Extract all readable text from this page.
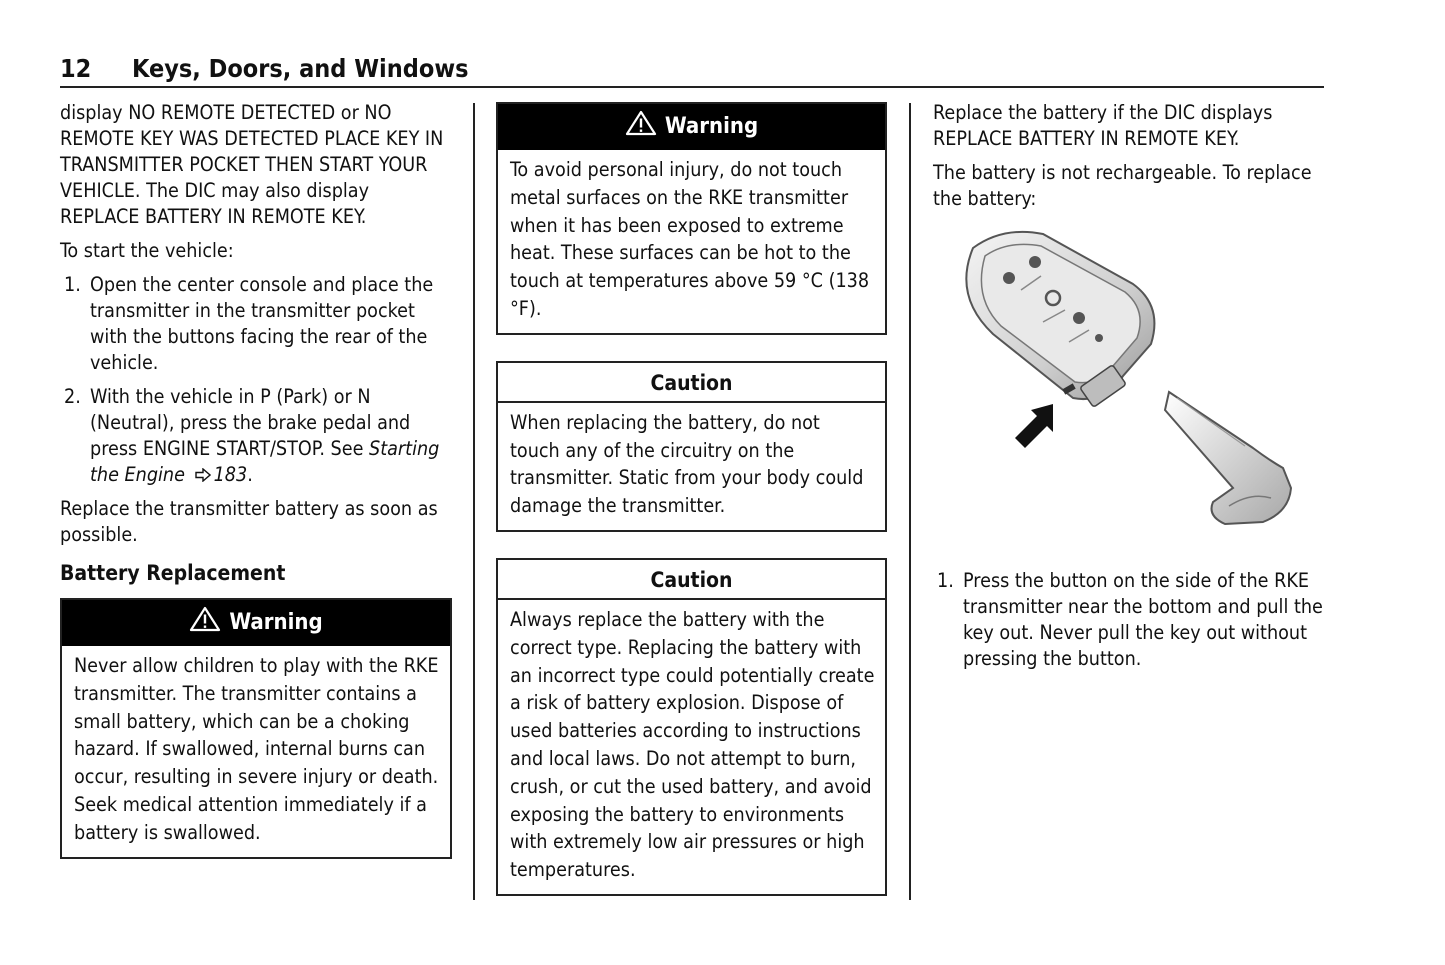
12 Keys, Doors, and Windows

display NO REMOTE DETECTED or NO REMOTE KEY WAS DETECTED PLACE KEY IN TRANSMITTER POCKET THEN START YOUR VEHICLE. The DIC may also display REPLACE BATTERY IN REMOTE KEY.

To start the vehicle:

1. Open the center console and place the transmitter in the transmitter pocket with the buttons facing the rear of the vehicle.
2. With the vehicle in P (Park) or N (Neutral), press the brake pedal and press ENGINE START/STOP. See Starting the Engine 183.

Replace the transmitter battery as soon as possible.

Battery Replacement
Warning
Never allow children to play with the RKE transmitter. The transmitter contains a small battery, which can be a choking hazard. If swallowed, internal burns can occur, resulting in severe injury or death. Seek medical attention immediately if a battery is swallowed.
Warning
To avoid personal injury, do not touch metal surfaces on the RKE transmitter when it has been exposed to extreme heat. These surfaces can be hot to the touch at temperatures above 59 °C (138 °F).
Caution
When replacing the battery, do not touch any of the circuitry on the transmitter. Static from your body could damage the transmitter.
Caution
Always replace the battery with the correct type. Replacing the battery with an incorrect type could potentially create a risk of battery explosion. Dispose of used batteries according to instructions and local laws. Do not attempt to burn, crush, or cut the used battery, and avoid exposing the battery to environments with extremely low air pressures or high temperatures.

Replace the battery if the DIC displays REPLACE BATTERY IN REMOTE KEY.

The battery is not rechargeable. To replace the battery:

1. Press the button on the side of the RKE transmitter near the bottom and pull the key out. Never pull the key out without pressing the button.
